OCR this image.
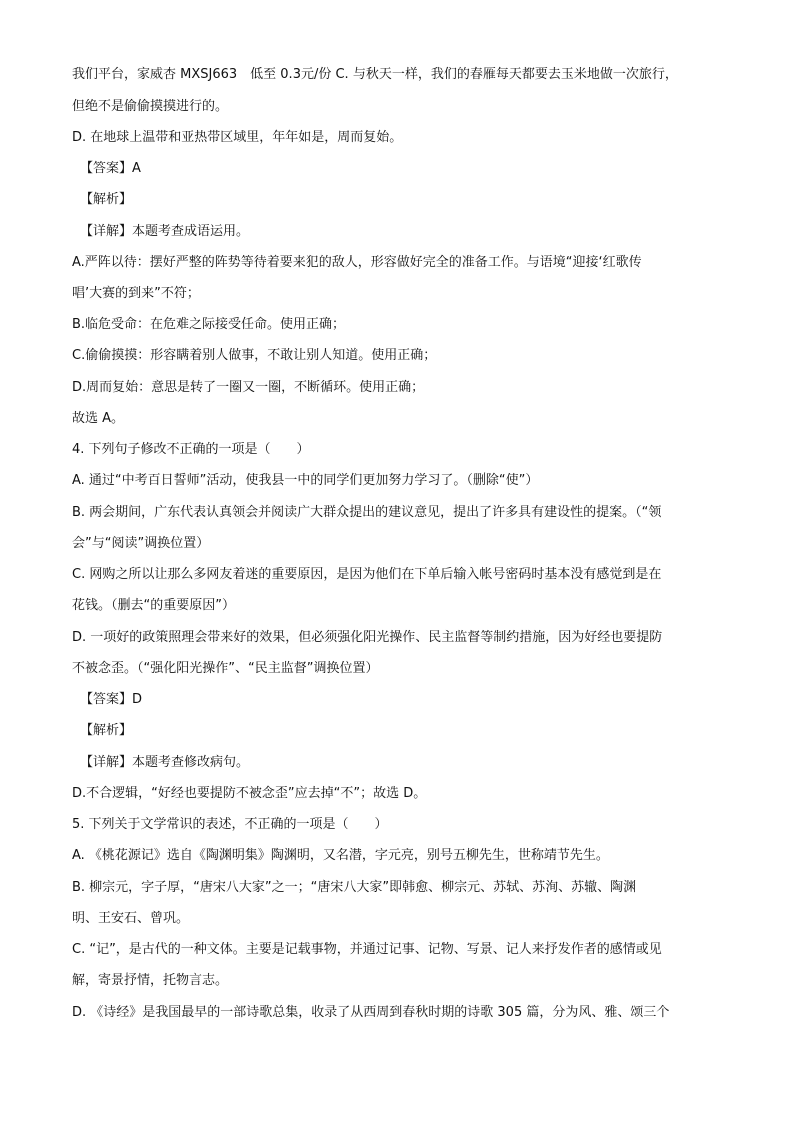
我们平台，家威杏 MXSJ663　低至 0.3元/份 C. 与秋天一样，我们的春雁每天都要去玉米地做一次旅行，
但绝不是偷偷摸摸进行的。
D. 在地球上温带和亚热带区域里，年年如是，周而复始。
【答案】A
【解析】
【详解】本题考查成语运用。
A.严阵以待：摆好严整的阵势等待着要来犯的敌人，形容做好完全的准备工作。与语境“迎接‘红歌传
唱’大赛的到来”不符；
B.临危受命：在危难之际接受任命。使用正确；
C.偷偷摸摸：形容瞒着别人做事，不敢让别人知道。使用正确；
D.周而复始：意思是转了一圈又一圈，不断循环。使用正确；
故选 A。
4. 下列句子修改不正确的一项是（　　）
A. 通过“中考百日誓师”活动，使我县一中的同学们更加努力学习了。（删除“使”）
B. 两会期间，广东代表认真领会并阅读广大群众提出的建议意见，提出了许多具有建设性的提案。（“领
会”与“阅读”调换位置）
C. 网购之所以让那么多网友着迷的重要原因，是因为他们在下单后输入帐号密码时基本没有感觉到是在
花钱。（删去“的重要原因”）
D. 一项好的政策照理会带来好的效果，但必须强化阳光操作、民主监督等制约措施，因为好经也要提防
不被念歪。（“强化阳光操作”、“民主监督”调换位置）
【答案】D
【解析】
【详解】本题考查修改病句。
D.不合逻辑，“好经也要提防不被念歪”应去掉“不”；故选 D。
5. 下列关于文学常识的表述，不正确的一项是（　　）
A. 《桃花源记》选自《陶渊明集》陶渊明，又名潜，字元亮，别号五柳先生，世称靖节先生。
B. 柳宗元，字子厚，“唐宋八大家”之一；“唐宋八大家”即韩愈、柳宗元、苏轼、苏洵、苏辙、陶渊
明、王安石、曾巩。
C. “记”，是古代的一种文体。主要是记载事物，并通过记事、记物、写景、记人来抒发作者的感情或见
解，寄景抒情，托物言志。
D. 《诗经》是我国最早的一部诗歌总集，收录了从西周到春秋时期的诗歌 305 篇，分为风、雅、颂三个
